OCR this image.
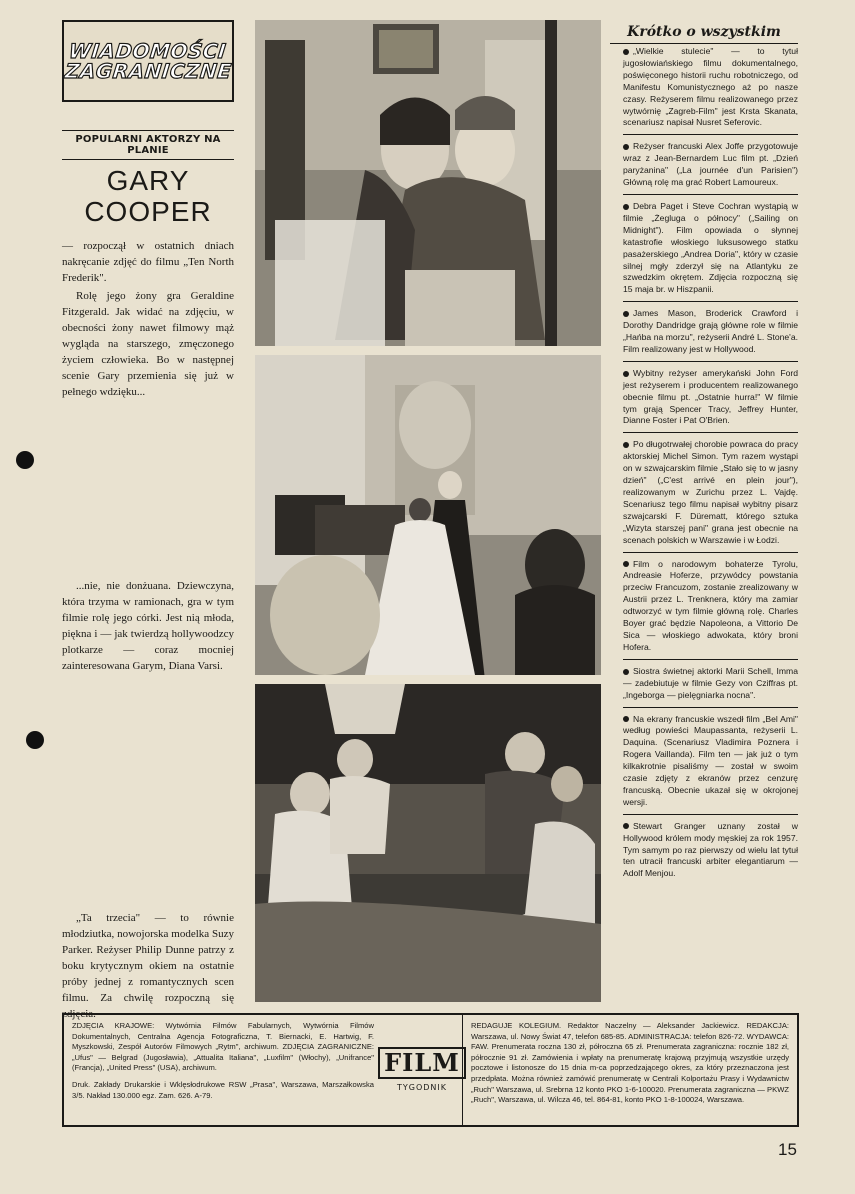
WIADOMOŚCI
ZAGRANICZNE
POPULARNI AKTORZY NA PLANIE
GARY
COOPER

— rozpoczął w ostatnich dniach nakręcanie zdjęć do filmu „Ten North Frederik".

Rolę jego żony gra Geraldine Fitzgerald. Jak widać na zdjęciu, w obecności żony nawet filmowy mąż wygląda na starszego, zmęczonego życiem człowieka. Bo w następnej scenie Gary przemienia się już w pełnego wdzięku...

...nie, nie donżuana. Dziewczyna, która trzyma w ramionach, gra w tym filmie rolę jego córki. Jest nią młoda, piękna i — jak twierdzą hollywoodzcy plotkarze — coraz mocniej zainteresowana Garym, Diana Varsi.

„Ta trzecia" — to równie młodziutka, nowojorska modelka Suzy Parker. Reżyser Philip Dunne patrzy z boku krytycznym okiem na ostatnie próby jednej z romantycznych scen filmu. Za chwilę rozpoczną się zdjęcia.

Krótko o wszystkim

„Wielkie stulecie" — to tytuł jugosłowiańskiego filmu dokumentalnego, poświęconego historii ruchu robotniczego, od Manifestu Komunistycznego aż po nasze czasy. Reżyserem filmu realizowanego przez wytwórnię „Zagreb-Film" jest Krsta Skanata, scenariusz napisał Nusret Seferovic.

Reżyser francuski Alex Joffe przygotowuje wraz z Jean-Bernardem Luc film pt. „Dzień paryżanina" („La journée d'un Parisien") Główną rolę ma grać Robert Lamoureux.

Debra Paget i Steve Cochran wystąpią w filmie „Żegluga o północy" („Sailing on Midnight"). Film opowiada o słynnej katastrofie włoskiego luksusowego statku pasażerskiego „Andrea Doria", który w czasie silnej mgły zderzył się na Atlantyku ze szwedzkim okrętem. Zdjęcia rozpoczną się 15 maja br. w Hiszpanii.

James Mason, Broderick Crawford i Dorothy Dandridge grają główne role w filmie „Hańba na morzu", reżyserii André L. Stone'a. Film realizowany jest w Hollywood.

Wybitny reżyser amerykański John Ford jest reżyserem i producentem realizowanego obecnie filmu pt. „Ostatnie hurra!" W filmie tym grają Spencer Tracy, Jeffrey Hunter, Dianne Foster i Pat O'Brien.

Po długotrwałej chorobie powraca do pracy aktorskiej Michel Simon. Tym razem wystąpi on w szwajcarskim filmie „Stało się to w jasny dzień" („C'est arrivé en plein jour"), realizowanym w Zurichu przez L. Vajdę. Scenariusz tego filmu napisał wybitny pisarz szwajcarski F. Dürematt, którego sztuka „Wizyta starszej pani" grana jest obecnie na scenach polskich w Warszawie i w Łodzi.

Film o narodowym bohaterze Tyrolu, Andreasie Hoferze, przywódcy powstania przeciw Francuzom, zostanie zrealizowany w Austrii przez L. Trenknera, który ma zamiar odtworzyć w tym filmie główną rolę. Charles Boyer grać będzie Napoleona, a Vittorio De Sica — włoskiego adwokata, który broni Hofera.

Siostra świetnej aktorki Marii Schell, Imma — zadebiutuje w filmie Gezy von Cziffras pt. „Ingeborga — pielęgniarka nocna".

Na ekrany francuskie wszedł film „Bel Ami" według powieści Maupassanta, reżyserii L. Daquina. (Scenariusz Vladimira Poznera i Rogera Vaillanda). Film ten — jak już o tym kilkakrotnie pisaliśmy — został w swoim czasie zdjęty z ekranów przez cenzurę francuską. Obecnie ukazał się w okrojonej wersji.

Stewart Granger uznany został w Hollywood królem mody męskiej za rok 1957. Tym samym po raz pierwszy od wielu lat tytuł ten utracił francuski arbiter elegantiarum — Adolf Menjou.

ZDJĘCIA KRAJOWE: Wytwórnia Filmów Fabularnych, Wytwórnia Filmów Dokumentalnych, Centralna Agencja Fotograficzna, T. Biernacki, E. Hartwig, F. Myszkowski, Zespół Autorów Filmowych „Rytm", archiwum. ZDJĘCIA ZAGRANICZNE: „Ufus" — Belgrad (Jugosławia), „Attualita Italiana", „Luxfilm" (Włochy), „Unifrance" (Francja), „United Press" (USA), archiwum.

Druk. Zakłady Drukarskie i Wklęsłodrukowe RSW „Prasa", Warszawa, Marszałkowska 3/5. Nakład 130.000 egz. Zam. 626. A-79.

FILM
TYGODNIK
REDAGUJE KOLEGIUM. Redaktor Naczelny — Aleksander Jackiewicz. REDAKCJA: Warszawa, ul. Nowy Świat 47, telefon 685-85. ADMINISTRACJA: telefon 826-72. WYDAWCA: FAW. Prenumerata roczna 130 zł, półroczna 65 zł. Prenumerata zagraniczna: rocznie 182 zł, półrocznie 91 zł. Zamówienia i wpłaty na prenumeratę krajową przyjmują wszystkie urzędy pocztowe i listonosze do 15 dnia m-ca poprzedzającego okres, za który przeznaczona jest przedpłata. Można również zamówić prenumeratę w Centrali Kolportażu Prasy i Wydawnictw „Ruch" Warszawa, ul. Srebrna 12 konto PKO 1-6-100020. Prenumerata zagraniczna — PKWZ „Ruch", Warszawa, ul. Wilcza 46, tel. 864-81, konto PKO 1-8-100024, Warszawa.
15
